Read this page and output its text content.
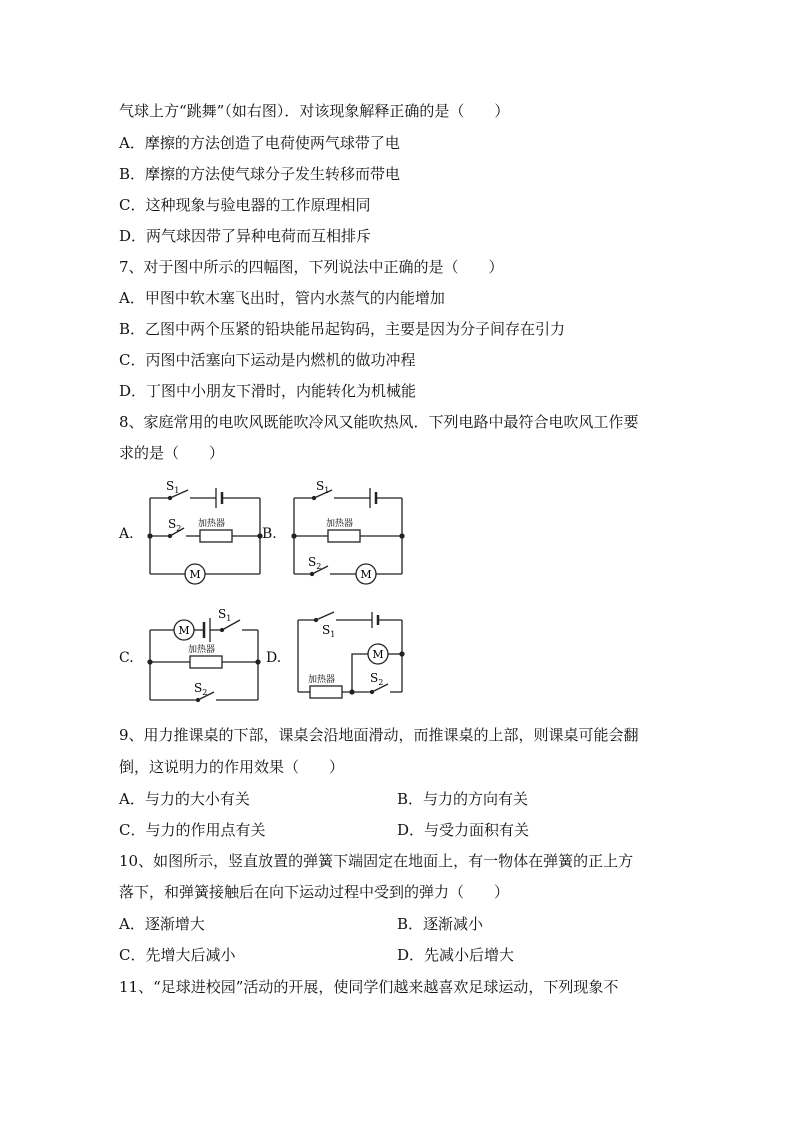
气球上方“跳舞”（如右图）．对该现象解释正确的是（　　）
A．摩擦的方法创造了电荷使两气球带了电
B．摩擦的方法使气球分子发生转移而带电
C．这种现象与验电器的工作原理相同
D．两气球因带了异种电荷而互相排斥
7、对于图中所示的四幅图，下列说法中正确的是（　　）
A．甲图中软木塞飞出时，管内水蒸气的内能增加
B．乙图中两个压紧的铅块能吊起钩码，主要是因为分子间存在引力
C．丙图中活塞向下运动是内燃机的做功冲程
D．丁图中小朋友下滑时，内能转化为机械能
8、家庭常用的电吹风既能吹冷风又能吹热风．下列电路中最符合电吹风工作要
求的是（　　）
A.	B.
C.	D.
$S_1$
$S_2$ 加热器
M
$S_1$
$S_2$
加热器
M
$S_1$
$S_2$
加热器
M	$S_1$
$S_2$
加热器
M
9、用力推课桌的下部，课桌会沿地面滑动，而推课桌的上部，则课桌可能会翻
倒，这说明力的作用效果（　　）
A．与力的大小有关	B．与力的方向有关
C．与力的作用点有关	D．与受力面积有关
10、如图所示，竖直放置的弹簧下端固定在地面上，有一物体在弹簧的正上方
落下，和弹簧接触后在向下运动过程中受到的弹力（　　）
A．逐渐增大	B．逐渐减小
C．先增大后减小	D．先减小后增大
11、“足球进校园”活动的开展，使同学们越来越喜欢足球运动，下列现象不
